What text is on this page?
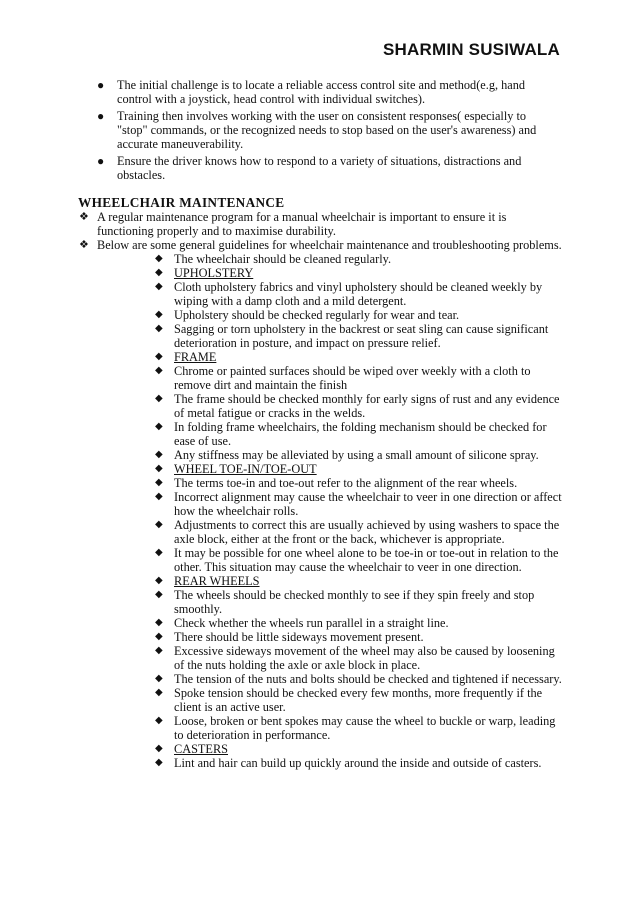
SHARMIN SUSIWALA
● The initial challenge is to locate a reliable access control site and method(e.g, hand control with a joystick, head control with individual switches).
● Training then involves working with the user on consistent responses( especially to "stop" commands, or the recognized needs to stop based on the user's awareness) and accurate maneuverability.
● Ensure the driver knows how to respond to a variety of situations, distractions and obstacles.
WHEELCHAIR MAINTENANCE
❖ A regular maintenance program for a manual wheelchair is important to ensure it is functioning properly and to maximise durability.
❖ Below are some general guidelines for wheelchair maintenance and troubleshooting problems.
◆ The wheelchair should be cleaned regularly.
◆ UPHOLSTERY
◆ Cloth upholstery fabrics and vinyl upholstery should be cleaned weekly by wiping with a damp cloth and a mild detergent.
◆ Upholstery should be checked regularly for wear and tear.
◆ Sagging or torn upholstery in the backrest or seat sling can cause significant deterioration in posture, and impact on pressure relief.
◆ FRAME
◆ Chrome or painted surfaces should be wiped over weekly with a cloth to remove dirt and maintain the finish
◆ The frame should be checked monthly for early signs of rust and any evidence of metal fatigue or cracks in the welds.
◆ In folding frame wheelchairs, the folding mechanism should be checked for ease of use.
◆ Any stiffness may be alleviated by using a small amount of silicone spray.
◆ WHEEL TOE-IN/TOE-OUT
◆ The terms toe-in and toe-out refer to the alignment of the rear wheels.
◆ Incorrect alignment may cause the wheelchair to veer in one direction or affect how the wheelchair rolls.
◆ Adjustments to correct this are usually achieved by using washers to space the axle block, either at the front or the back, whichever is appropriate.
◆ It may be possible for one wheel alone to be toe-in or toe-out in relation to the other. This situation may cause the wheelchair to veer in one direction.
◆ REAR WHEELS
◆ The wheels should be checked monthly to see if they spin freely and stop smoothly.
◆ Check whether the wheels run parallel in a straight line.
◆ There should be little sideways movement present.
◆ Excessive sideways movement of the wheel may also be caused by loosening of the nuts holding the axle or axle block in place.
◆ The tension of the nuts and bolts should be checked and tightened if necessary.
◆ Spoke tension should be checked every few months, more frequently if the client is an active user.
◆ Loose, broken or bent spokes may cause the wheel to buckle or warp, leading to deterioration in performance.
◆ CASTERS
◆ Lint and hair can build up quickly around the inside and outside of casters.
